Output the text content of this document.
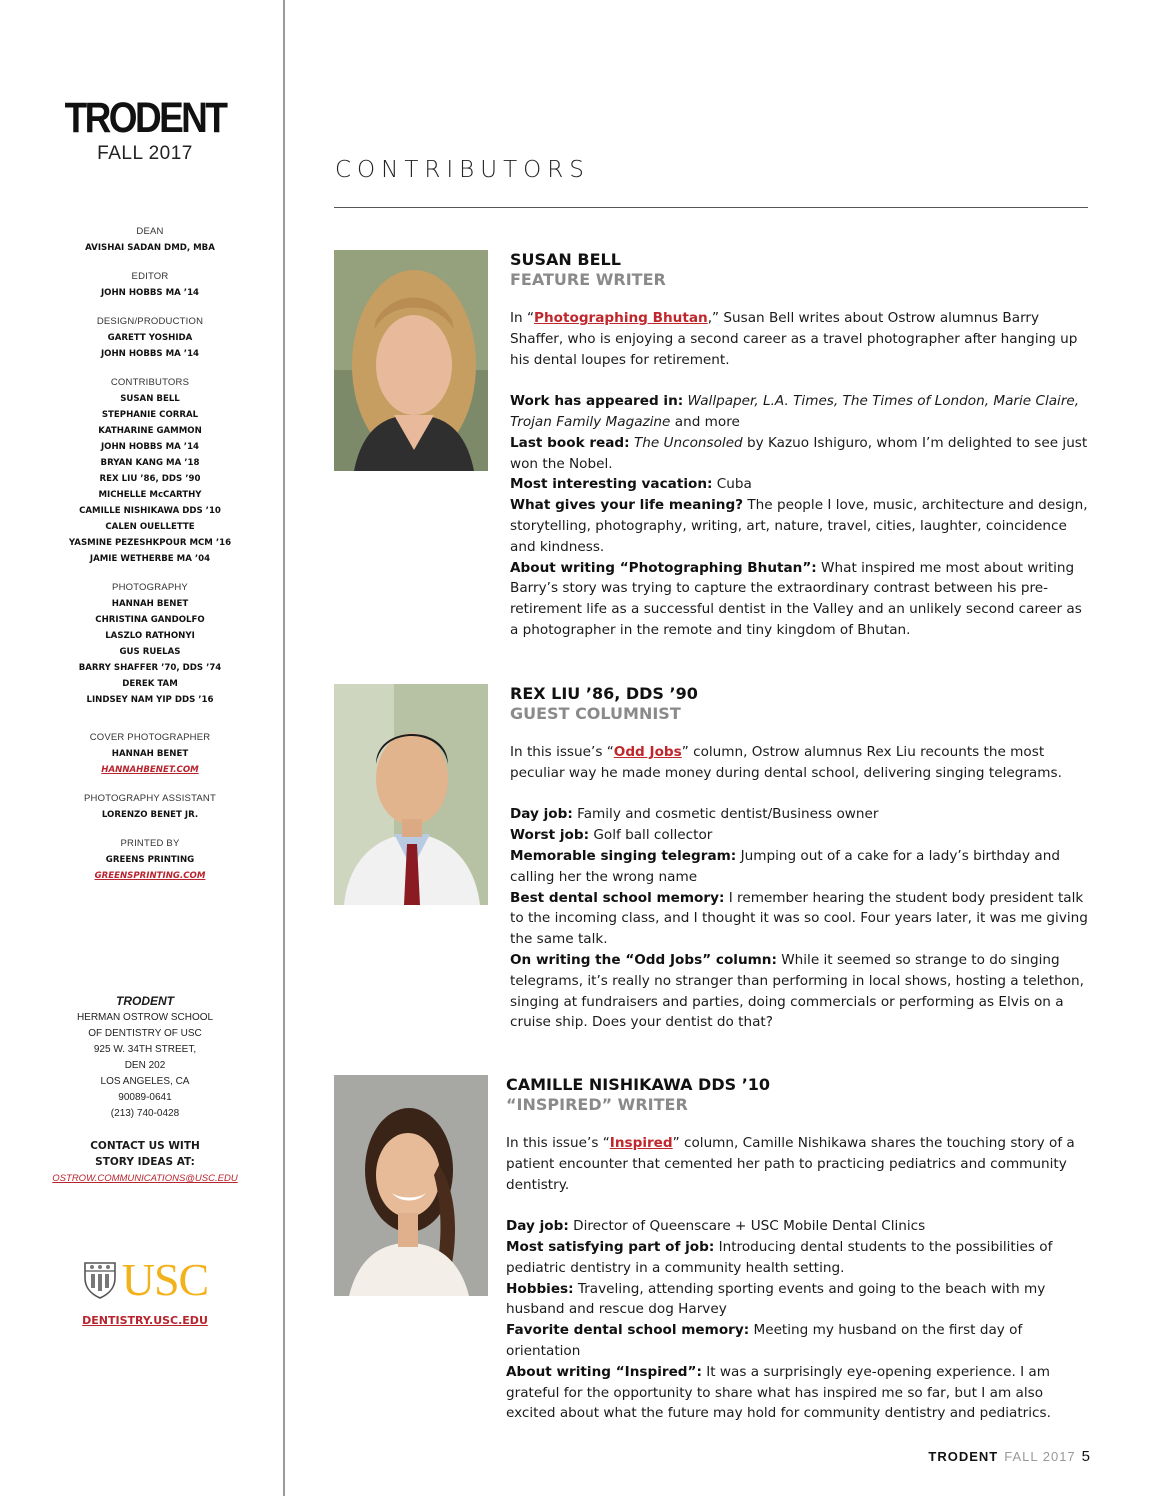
TRODENT
FALL 2017
DEAN
AVISHAI SADAN DMD, MBA
EDITOR
JOHN HOBBS MA ’14
DESIGN/PRODUCTION
GARETT YOSHIDA
JOHN HOBBS MA ’14
CONTRIBUTORS
SUSAN BELL
STEPHANIE CORRAL
KATHARINE GAMMON
JOHN HOBBS MA ’14
BRYAN KANG MA ’18
REX LIU ’86, DDS ’90
MICHELLE McCARTHY
CAMILLE NISHIKAWA DDS ’10
CALEN OUELLETTE
YASMINE PEZESHKPOUR MCM ’16
JAMIE WETHERBE MA ’04
PHOTOGRAPHY
HANNAH BENET
CHRISTINA GANDOLFO
LASZLO RATHONYI
GUS RUELAS
BARRY SHAFFER ’70, DDS ’74
DEREK TAM
LINDSEY NAM YIP DDS ’16
COVER PHOTOGRAPHER
HANNAH BENET
HANNAHBENET.COM
PHOTOGRAPHY ASSISTANT
LORENZO BENET JR.
PRINTED BY
GREENS PRINTING
GREENSPRINTING.COM
TRODENT
HERMAN OSTROW SCHOOL
OF DENTISTRY OF USC
925 W. 34TH STREET,
DEN 202
LOS ANGELES, CA
90089-0641
(213) 740-0428
CONTACT US WITH
STORY IDEAS AT:
OSTROW.COMMUNICATIONS@USC.EDU
USC
DENTISTRY.USC.EDU
CONTRIBUTORS
SUSAN BELL
FEATURE WRITER

In “Photographing Bhutan,” Susan Bell writes about Ostrow alumnus Barry Shaffer, who is enjoying a second career as a travel photographer after hanging up his dental loupes for retirement.

Work has appeared in: Wallpaper, L.A. Times, The Times of London, Marie Claire, Trojan Family Magazine and more

Last book read: The Unconsoled by Kazuo Ishiguro, whom I’m delighted to see just won the Nobel.

Most interesting vacation: Cuba

What gives your life meaning? The people I love, music, architecture and design, storytelling, photography, writing, art, nature, travel, cities, laughter, coincidence and kindness.

About writing “Photographing Bhutan”: What inspired me most about writing Barry’s story was trying to capture the extraordinary contrast between his pre-retirement life as a successful dentist in the Valley and an unlikely second career as a photographer in the remote and tiny kingdom of Bhutan.

REX LIU ’86, DDS ’90
GUEST COLUMNIST

In this issue’s “Odd Jobs” column, Ostrow alumnus Rex Liu recounts the most peculiar way he made money during dental school, delivering singing telegrams.

Day job: Family and cosmetic dentist/Business owner

Worst job: Golf ball collector

Memorable singing telegram: Jumping out of a cake for a lady’s birthday and calling her the wrong name

Best dental school memory: I remember hearing the student body president talk to the incoming class, and I thought it was so cool. Four years later, it was me giving the same talk.

On writing the “Odd Jobs” column: While it seemed so strange to do singing telegrams, it’s really no stranger than performing in local shows, hosting a telethon, singing at fundraisers and parties, doing commercials or performing as Elvis on a cruise ship. Does your dentist do that?

CAMILLE NISHIKAWA DDS ’10
“INSPIRED” WRITER

In this issue’s “Inspired” column, Camille Nishikawa shares the touching story of a patient encounter that cemented her path to practicing pediatrics and community dentistry.

Day job: Director of Queenscare + USC Mobile Dental Clinics

Most satisfying part of job: Introducing dental students to the possibilities of pediatric dentistry in a community health setting.

Hobbies: Traveling, attending sporting events and going to the beach with my husband and rescue dog Harvey

Favorite dental school memory: Meeting my husband on the first day of orientation

About writing “Inspired”: It was a surprisingly eye-opening experience. I am grateful for the opportunity to share what has inspired me so far, but I am also excited about what the future may hold for community dentistry and pediatrics.

TRODENT FALL 2017 5
